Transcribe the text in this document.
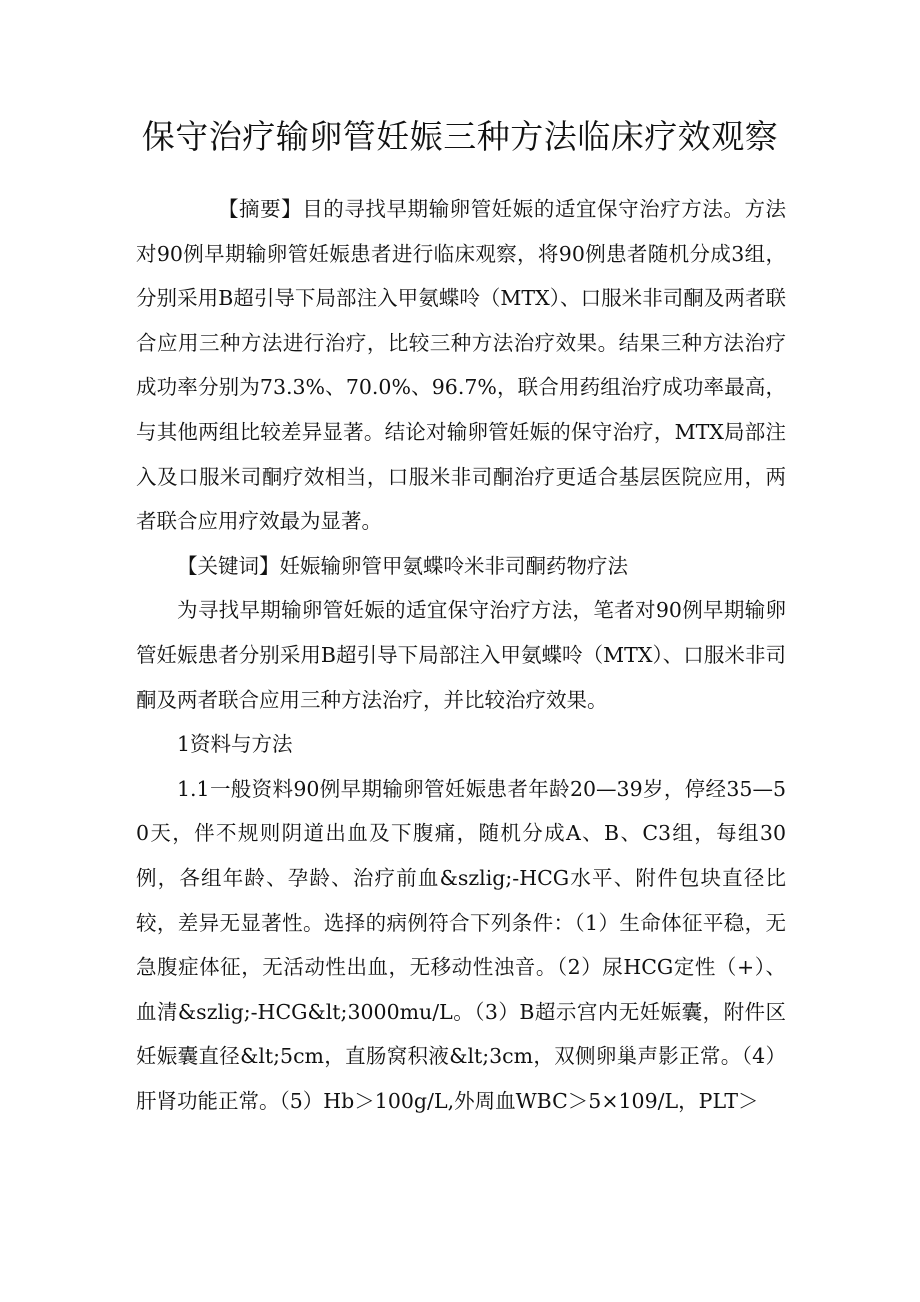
保守治疗输卵管妊娠三种方法临床疗效观察

【摘要】目的寻找早期输卵管妊娠的适宜保守治疗方法。方法对90例早期输卵管妊娠患者进行临床观察，将90例患者随机分成3组，分别采用B超引导下局部注入甲氨蝶呤（MTX）、口服米非司酮及两者联合应用三种方法进行治疗，比较三种方法治疗效果。结果三种方法治疗成功率分别为73.3%、70.0%、96.7%，联合用药组治疗成功率最高，与其他两组比较差异显著。结论对输卵管妊娠的保守治疗，MTX局部注入及口服米司酮疗效相当，口服米非司酮治疗更适合基层医院应用，两者联合应用疗效最为显著。

【关键词】妊娠输卵管甲氨蝶呤米非司酮药物疗法

为寻找早期输卵管妊娠的适宜保守治疗方法，笔者对90例早期输卵管妊娠患者分别采用B超引导下局部注入甲氨蝶呤（MTX）、口服米非司酮及两者联合应用三种方法治疗，并比较治疗效果。

1资料与方法

1.1一般资料90例早期输卵管妊娠患者年龄20—39岁，停经35—50天，伴不规则阴道出血及下腹痛，随机分成A、B、C3组，每组30例，各组年龄、孕龄、治疗前血&szlig;-HCG水平、附件包块直径比较，差异无显著性。选择的病例符合下列条件：（1）生命体征平稳，无急腹症体征，无活动性出血，无移动性浊音。（2）尿HCG定性（+）、血清&szlig;-HCG&lt;3000mu/L。（3）B超示宫内无妊娠囊，附件区妊娠囊直径&lt;5cm，直肠窝积液&lt;3cm，双侧卵巢声影正常。（4）肝肾功能正常。（5）Hb＞100g/L,外周血WBC＞5×109/L，PLT＞
